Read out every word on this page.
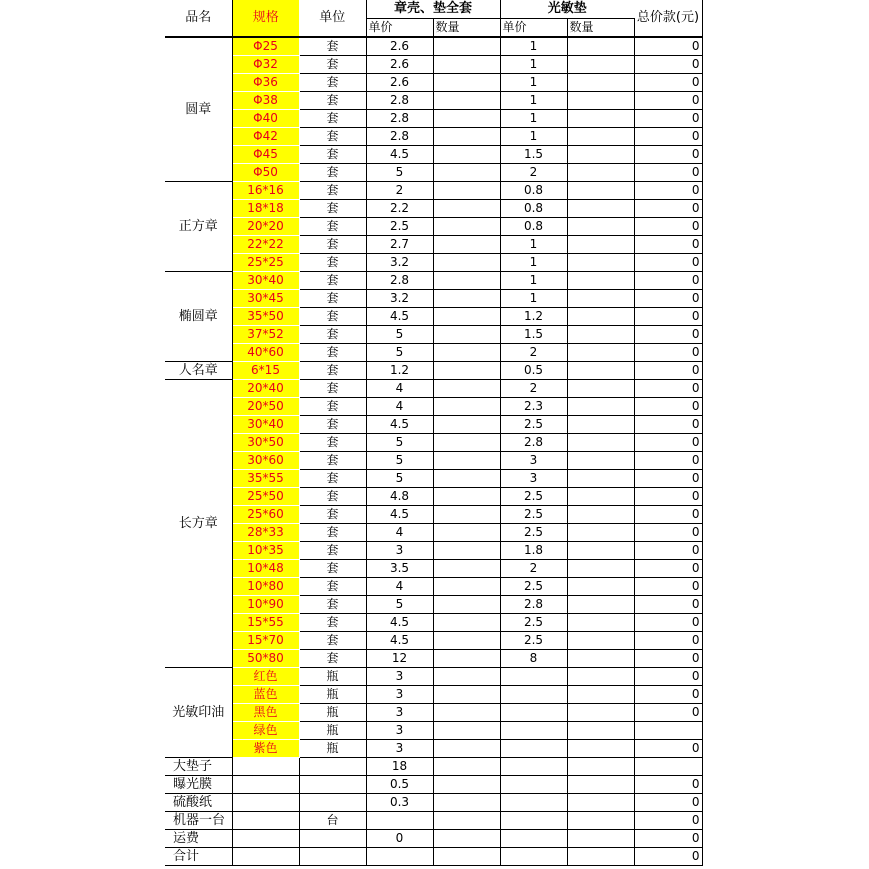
品名	规格	单位	章壳、垫全套		光敏垫		总价款(元)
			单价	数量	单价	数量	
圆章	Φ25	套	2.6		1		0
	Φ32	套	2.6		1		0
	Φ36	套	2.6		1		0
	Φ38	套	2.8		1		0
	Φ40	套	2.8		1		0
	Φ42	套	2.8		1		0
	Φ45	套	4.5		1.5		0
	Φ50	套	5		2		0
正方章	16*16	套	2		0.8		0
	18*18	套	2.2		0.8		0
	20*20	套	2.5		0.8		0
	22*22	套	2.7		1		0
	25*25	套	3.2		1		0
椭圆章	30*40	套	2.8		1		0
	30*45	套	3.2		1		0
	35*50	套	4.5		1.2		0
	37*52	套	5		1.5		0
	40*60	套	5		2		0
人名章	6*15	套	1.2		0.5		0
长方章	20*40	套	4		2		0
	20*50	套	4		2.3		0
	30*40	套	4.5		2.5		0
	30*50	套	5		2.8		0
	30*60	套	5		3		0
	35*55	套	5		3		0
	25*50	套	4.8		2.5		0
	25*60	套	4.5		2.5		0
	28*33	套	4		2.5		0
	10*35	套	3		1.8		0
	10*48	套	3.5		2		0
	10*80	套	4		2.5		0
	10*90	套	5		2.8		0
	15*55	套	4.5		2.5		0
	15*70	套	4.5		2.5		0
	50*80	套	12		8		0
光敏印油	红色	瓶	3				0
	蓝色	瓶	3				0
	黑色	瓶	3				0
	绿色	瓶	3				
	紫色	瓶	3				0
大垫子			18				
曝光膜			0.5				0
硫酸纸			0.3				0
机器一台		台					0
运费			0				0
合计							0
